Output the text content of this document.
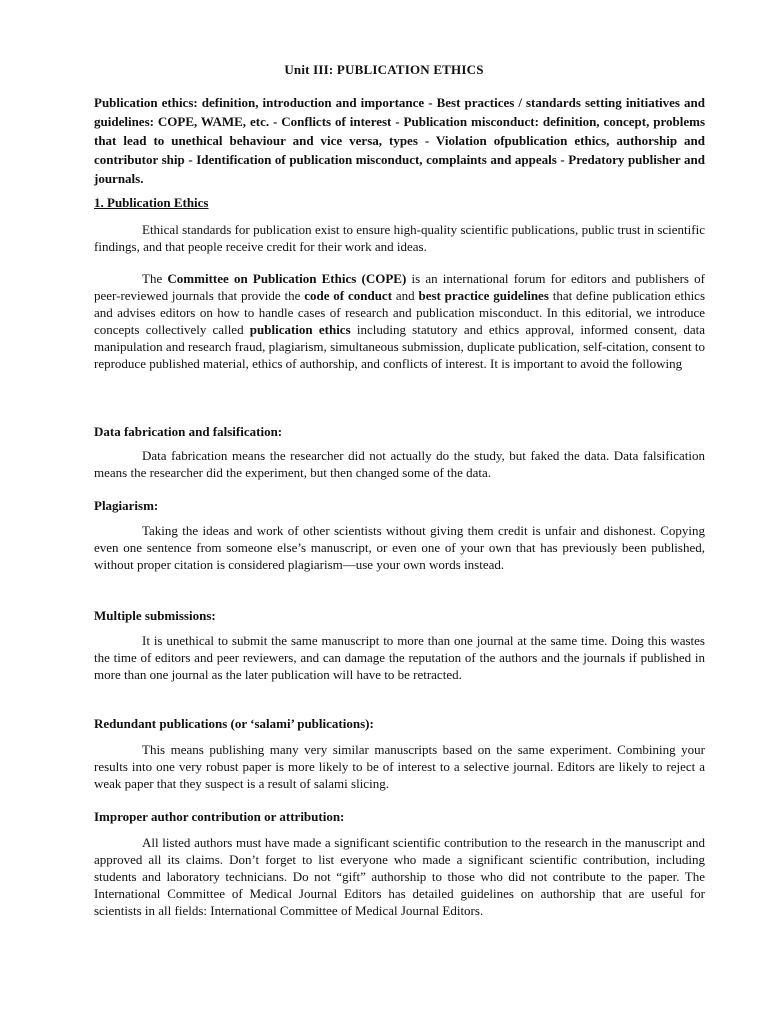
Unit III: PUBLICATION ETHICS
Publication ethics: definition, introduction and importance - Best practices / standards setting initiatives and guidelines: COPE, WAME, etc. - Conflicts of interest - Publication misconduct: definition, concept, problems that lead to unethical behaviour and vice versa, types - Violation ofpublication ethics, authorship and contributor ship - Identification of publication misconduct, complaints and appeals - Predatory publisher and journals.
1. Publication Ethics

Ethical standards for publication exist to ensure high-quality scientific publications, public trust in scientific findings, and that people receive credit for their work and ideas.

The Committee on Publication Ethics (COPE) is an international forum for editors and publishers of peer-reviewed journals that provide the code of conduct and best practice guidelines that define publication ethics and advises editors on how to handle cases of research and publication misconduct. In this editorial, we introduce concepts collectively called publication ethics including statutory and ethics approval, informed consent, data manipulation and research fraud, plagiarism, simultaneous submission, duplicate publication, self-citation, consent to reproduce published material, ethics of authorship, and conflicts of interest. It is important to avoid the following

Data fabrication and falsification:

Data fabrication means the researcher did not actually do the study, but faked the data. Data falsification means the researcher did the experiment, but then changed some of the data.

Plagiarism:

Taking the ideas and work of other scientists without giving them credit is unfair and dishonest. Copying even one sentence from someone else’s manuscript, or even one of your own that has previously been published, without proper citation is considered plagiarism—use your own words instead.

Multiple submissions:

It is unethical to submit the same manuscript to more than one journal at the same time. Doing this wastes the time of editors and peer reviewers, and can damage the reputation of the authors and the journals if published in more than one journal as the later publication will have to be retracted.

Redundant publications (or ‘salami’ publications):

This means publishing many very similar manuscripts based on the same experiment. Combining your results into one very robust paper is more likely to be of interest to a selective journal. Editors are likely to reject a weak paper that they suspect is a result of salami slicing.

Improper author contribution or attribution:

All listed authors must have made a significant scientific contribution to the research in the manuscript and approved all its claims. Don’t forget to list everyone who made a significant scientific contribution, including students and laboratory technicians. Do not “gift” authorship to those who did not contribute to the paper. The International Committee of Medical Journal Editors has detailed guidelines on authorship that are useful for scientists in all fields: International Committee of Medical Journal Editors.
